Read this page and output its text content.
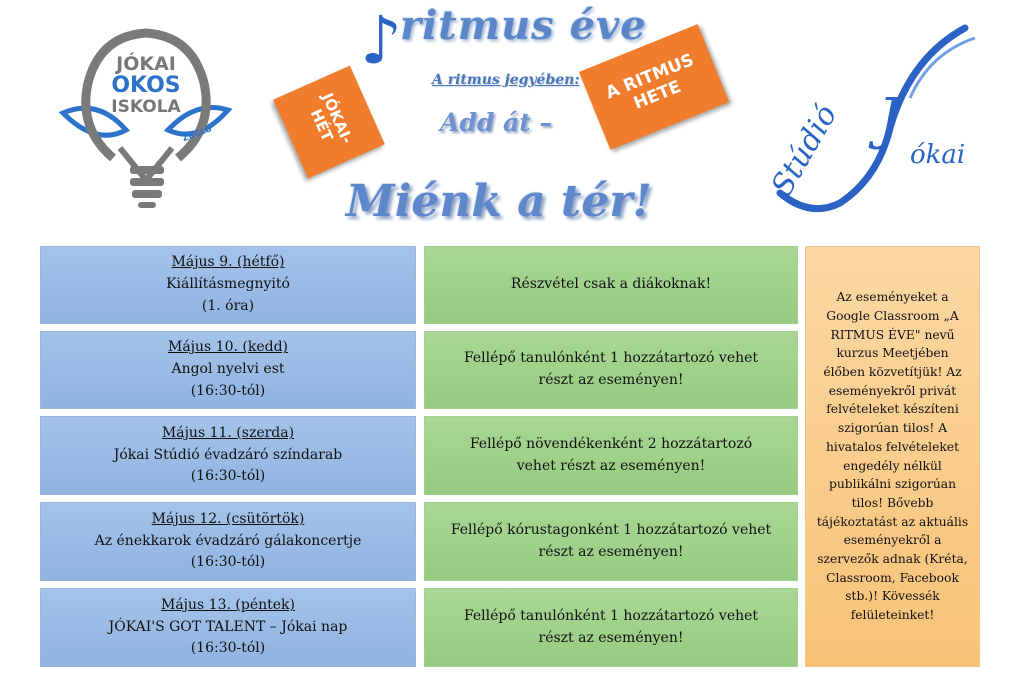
JÓKAI
OKOS
ISKOLA
ZUGLÓ
♪
ritmus éve
A ritmus jegyében:
Add át –
Miénk a tér!
JÓKAI-HÉT
A RITMUS HETE
Stúdió J
ókai
Május 9. (hétfő)
Kiállításmegnyitó
(1. óra)
Részvétel csak a diákoknak!
Május 10. (kedd)
Angol nyelvi est
(16:30-tól)
Fellépő tanulónként 1 hozzátartozó vehet részt az eseményen!
Május 11. (szerda)
Jókai Stúdió évadzáró színdarab
(16:30-tól)
Fellépő növendékenként 2 hozzátartozó vehet részt az eseményen!
Május 12. (csütörtök)
Az énekkarok évadzáró gálakoncertje
(16:30-tól)
Fellépő kórustagonként 1 hozzátartozó vehet részt az eseményen!
Május 13. (péntek)
JÓKAI'S GOT TALENT – Jókai nap
(16:30-tól)
Fellépő tanulónként 1 hozzátartozó vehet részt az eseményen!
Az eseményeket a Google Classroom „A RITMUS ÉVE" nevű kurzus Meetjében élőben közvetítjük! Az eseményekről privát felvételeket készíteni szigorúan tilos! A hivatalos felvételeket engedély nélkül publikálni szigorúan tilos! Bővebb tájékoztatást az aktuális eseményekről a szervezők adnak (Kréta, Classroom, Facebook stb.)! Kövessék felületeinket!
